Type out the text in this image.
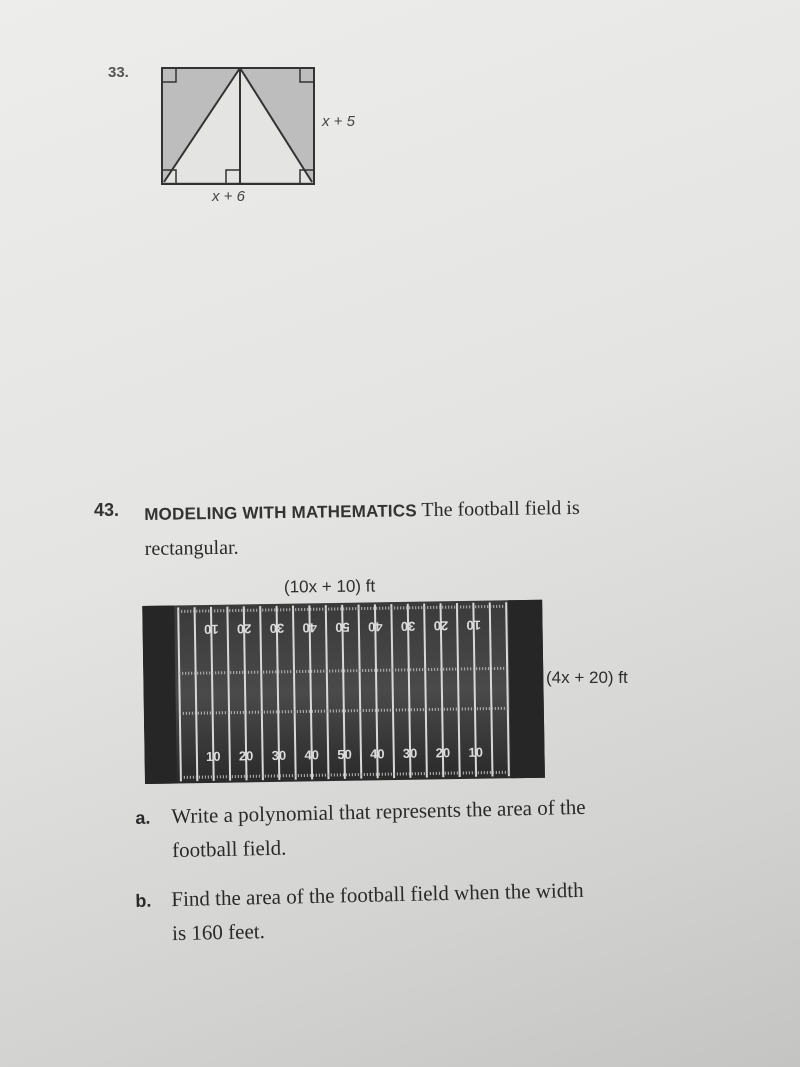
33.
x + 5
x + 6
43. MODELING WITH MATHEMATICS The football field is
rectangular.
(10x + 10) ft
(4x + 20) ft
10 20 30 40 50 40 30 20 10
10 20 30 40 50 40 30 20 10
a. Write a polynomial that represents the area of the
football field.
b. Find the area of the football field when the width
is 160 feet.
